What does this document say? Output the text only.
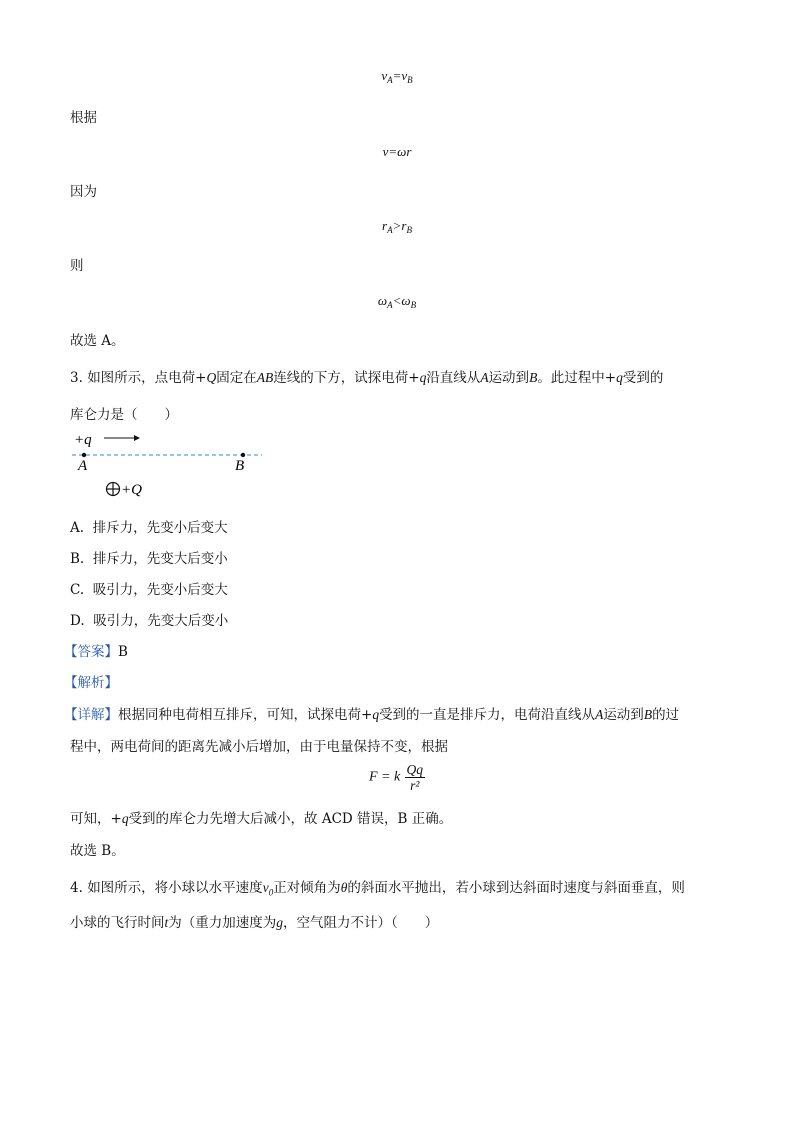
$v_A=v_B$
根据
v=ωr
因为
$r_A>r_B$
则
$\omega_A<\omega_B$
故选 A。
3. 如图所示，点电荷+Q固定在AB连线的下方，试探电荷+q沿直线从A运动到B。此过程中+q受到的
库仑力是（　　）
+q
A	B
+Q
A. 排斥力，先变小后变大
B. 排斥力，先变大后变小
C. 吸引力，先变小后变大
D. 吸引力，先变大后变小
【答案】B
【解析】
【详解】根据同种电荷相互排斥，可知，试探电荷+q受到的一直是排斥力，电荷沿直线从A运动到B的过
程中，两电荷间的距离先减小后增加，由于电量保持不变，根据
F = k $\frac{Qq}{\text{r²}}$
可知，+q受到的库仑力先增大后减小，故 ACD 错误，B 正确。
故选 B。
4. 如图所示，将小球以水平速度$v_0$正对倾角为θ的斜面水平抛出，若小球到达斜面时速度与斜面垂直，则
小球的飞行时间t为（重力加速度为g，空气阻力不计）（　　）
